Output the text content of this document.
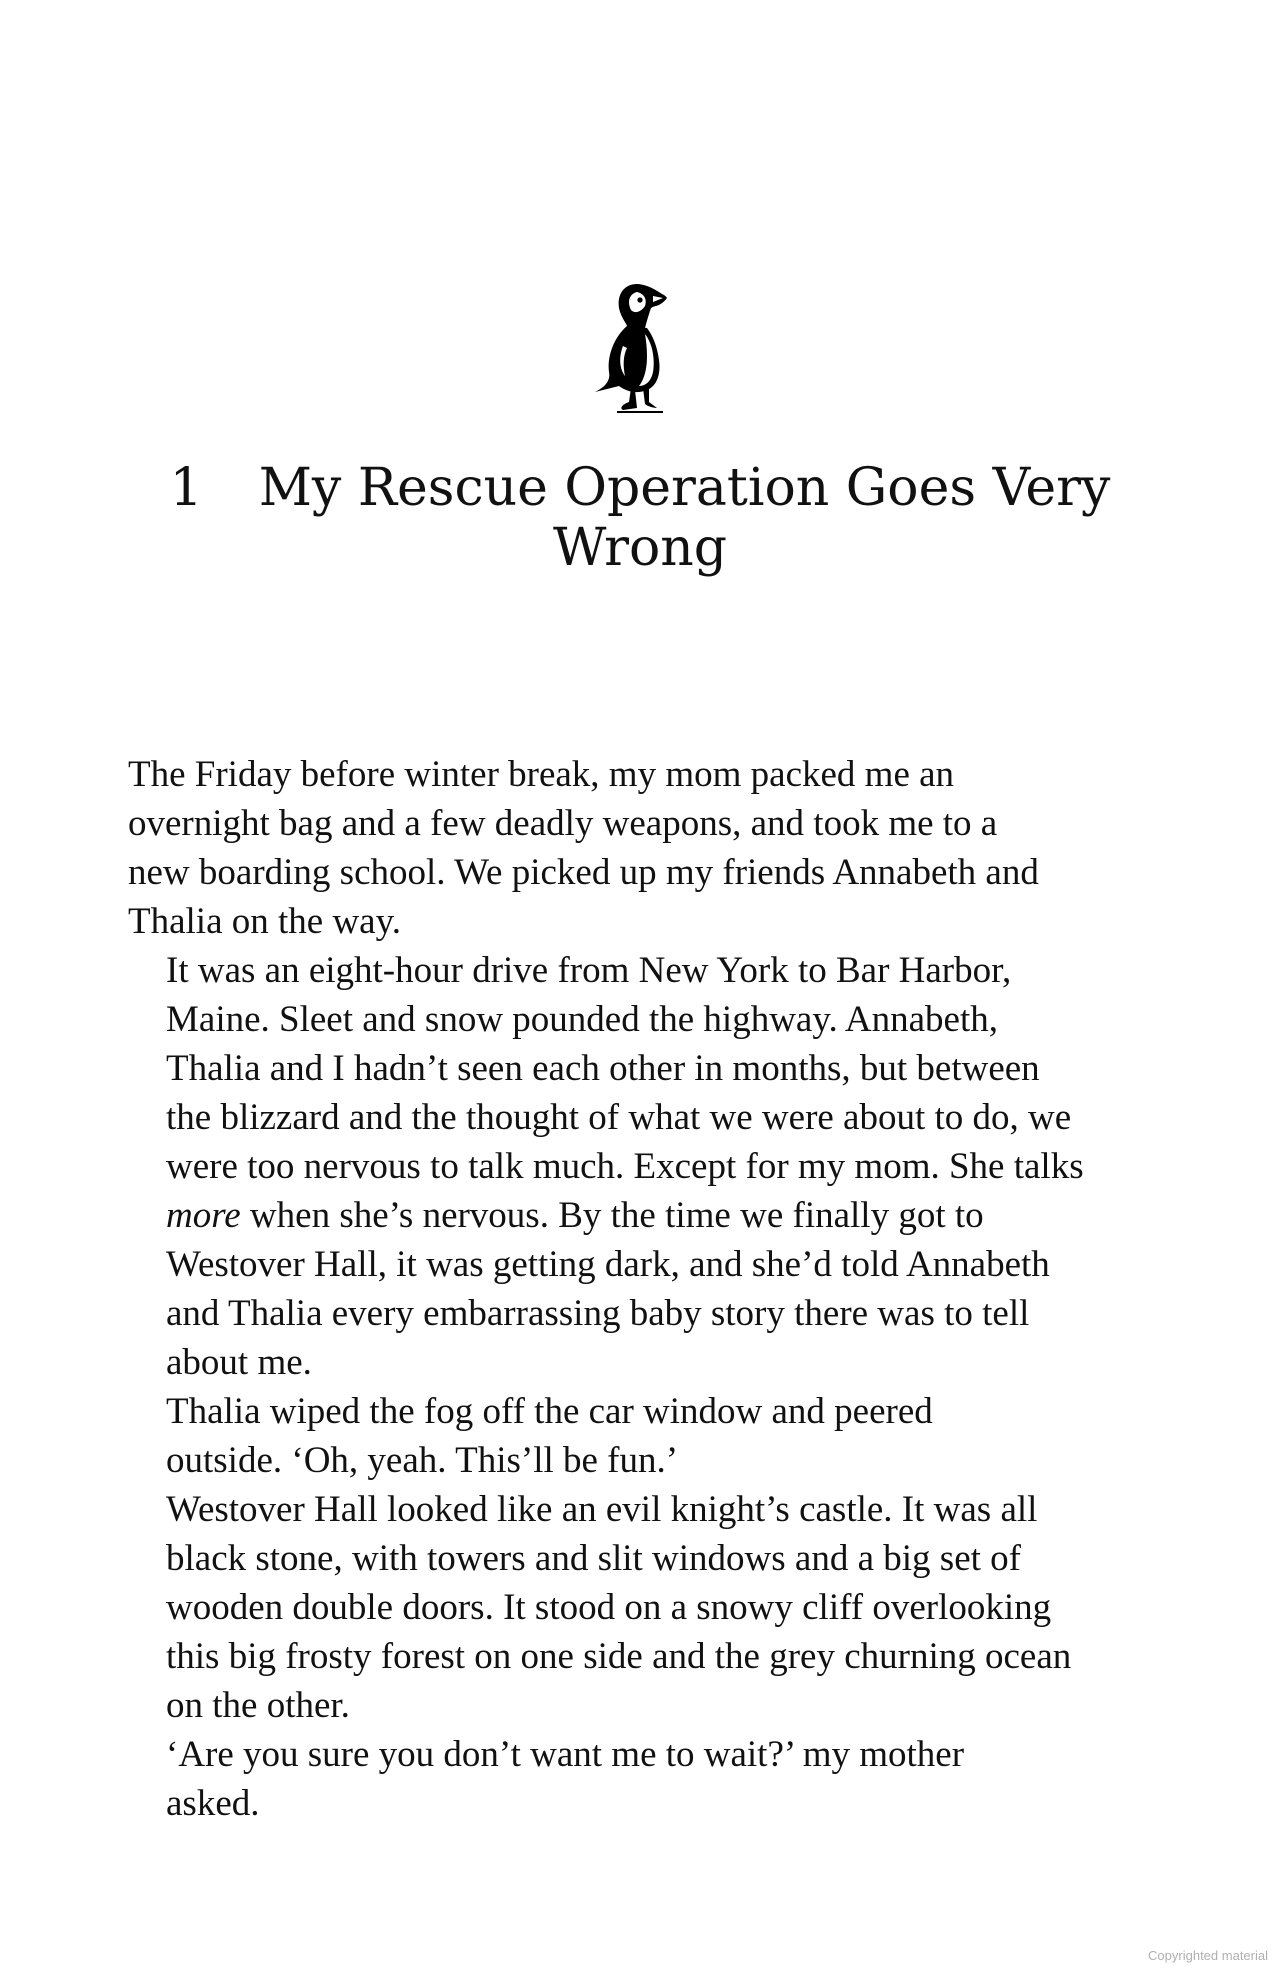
1 My Rescue Operation Goes Very
Wrong

The Friday before winter break, my mom packed me an
overnight bag and a few deadly weapons, and took me to a
new boarding school. We picked up my friends Annabeth and
Thalia on the way.

It was an eight-hour drive from New York to Bar Harbor,
Maine. Sleet and snow pounded the highway. Annabeth,
Thalia and I hadn’t seen each other in months, but between
the blizzard and the thought of what we were about to do, we
were too nervous to talk much. Except for my mom. She talks
more when she’s nervous. By the time we finally got to
Westover Hall, it was getting dark, and she’d told Annabeth
and Thalia every embarrassing baby story there was to tell
about me.

Thalia wiped the fog off the car window and peered
outside. ‘Oh, yeah. This’ll be fun.’

Westover Hall looked like an evil knight’s castle. It was all
black stone, with towers and slit windows and a big set of
wooden double doors. It stood on a snowy cliff overlooking
this big frosty forest on one side and the grey churning ocean
on the other.

‘Are you sure you don’t want me to wait?’ my mother
asked.

Copyrighted material
